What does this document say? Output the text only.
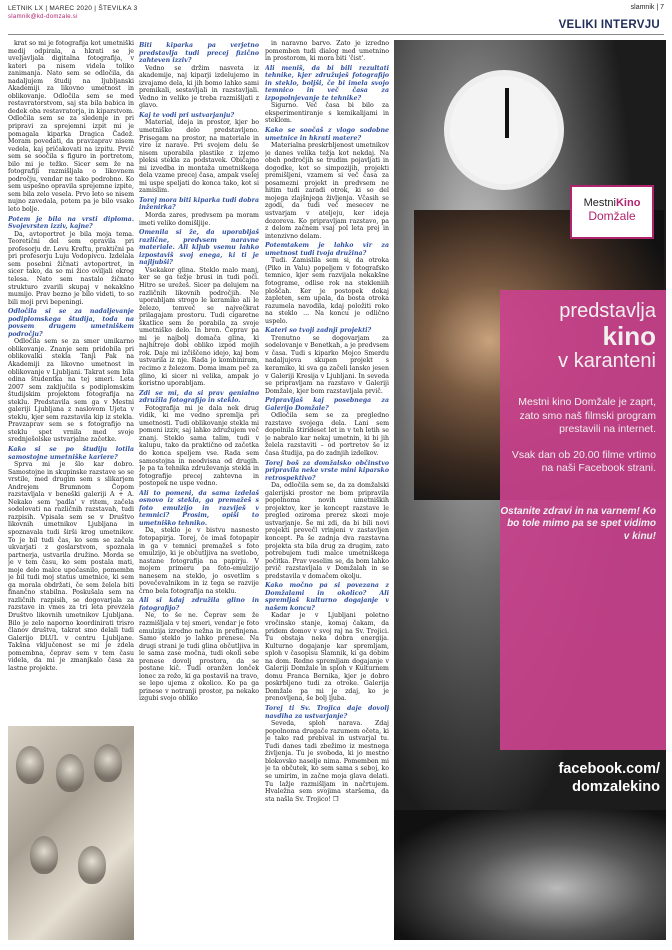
LETNIK LX | MAREC 2020 | ŠTEVILKA 3
slamnik@kd-domzale.si
slamnik | 7
VELIKI INTERVJU

krat so mi je fotografija kot umetniški medij odpirala, a hkrati se je uveljavljala digitalna fotografija, v kateri pa nisem videla toliko zanimanja. Nato sem se odločila, da nadaljujem študij na ljubljanski Akademiji za likovno umetnost in oblikovanje. Odločila sem se med restavratorstvom, saj sta bila babica in dedek oba restavratorja, in kiparstvom. Odločila sem se za sledenje in pri pripravi za sprejemni izpit mi je pomagala kiparka Dragica Čadež. Moram povedati, da pravzaprav nisem vedela, kaj pričakovati na izpitu. Prvič sem se soočila s figuro in portretom, bilo mi je težko. Sicer sem že na fotografiji razmišljala o likovnem področju, vendar ne tako podrobno. Ko sem uspešno opravila sprejemne izpite, sem bila zelo vesela. Prvo leto se nisem nujno zavedala, potem pa je bilo vsako leto bolje.

Potem je bila na vrsti diploma. Svojevrsten izziv, kajne?

Da, avtoportret je bila moja tema. Teoretični del sem opravila pri profesorju dr. Levu Kreftu, praktični pa pri profesorju Luju Vodopivcu. Izdelala sem posebni žičnati avtoportret, in sicer tako, da so mi žico oviljali okrog telesa. Nato sem nastalo žičnato strukturo zvarili skupaj v nekakšno mumijo. Prav bezno je bilo videti, to so bili moji prvi bepeningi.

Odločila si se za nadaljevanje podiplomskega študija, toda na povsem drugem umetniškem področju?

Odločila sem se za smer umikarno oblikovanje. Znanje sem pridobila pri oblikovalki stekla Tanji Pak na Akademiji za likovno umetnost in oblikovanje v Ljubljani. Takrat sem bila edina študentka na tej smeri. Leta 2007 sem zaključila s podiplomskim študijskim projektom fotografija na steklu. Predstavila sem ga v Mestni galeriji Ljubljana z naslovom Ujeta v steklu, kjer sem razstavila kip iz stekla. Pravzaprav sem se s fotografijo na steklu spet vrnila med svoje srednješolske ustvarjalne začetke.

Kako si se po študiju lotila samostojne umetniške kariere?

Sprva mi je šlo kar dobro. Samostojne in skupinske razstave so se vrstile, med drugim sem s slikarjem Andrejem Brumnom Čopom razstavljala v beneški galeriji A + A. Nekako sem 'padla' v ritem, začela sodelovati na različnih razstavah, tudi razpisih. Vpisala sem se v Društvo likovnih umetnikov Ljubljana in spoznavala tudi širši krog umetnikov. To je bil tudi čas, ko sem se začela ukvarjati z goslarstvom, spoznala partnerja, ustvarila družino. Morda se je v tem času, ko sem postala mati, moje delo malce upočasnilo, pomembn je bil tudi moj status umetnice, ki sem ga morala obdržati, če sem želela biti finančno stabilna. Poskušala sem na različnih razpisih, se dogovarjala za razstave in vmes za tri leta prevzela Društvo likovnih umetnikov Ljubljana. Bilo je zelo naporno koordinirati trisro članov društva, takrat smo delali tudi Galerijo DLUL v centru Ljubljane. Takšna vključenost se mi je zdela pomembna, čeprav sem v tem času videla, da mi je zmanjkalo časa za lastne projekte.

Biti kiparka pa verjetno predstavlja tudi precej fizično zahteven izziv?

Vedno se držim nasveta iz akademije, naj kiparji izdelujemo in izvajamo dela, ki jih bomo lahko sami premikali, sestavljali in razstavljali. Vedno in veliko je treba razmišljati z glavo.

Kaj te vodi pri ustvarjanju?

Material, ideja in prostor, kjer bo umetniško delo predstavljeno. Prisegam na prostor, na materiale in vire iz narave. Pri svojem delu še nisem uporabila plastike z izjemo pleksi stekla za podstavek. Običajno mi izvedba in montaža umetniškega dela vzame precej časa, ampak vselej mi uspe speljati do konca tako, kot si zamislim.

Torej mora biti kiparka tudi dobra inženirka?

Morda zares, predvsem pa moram imeti veliko domišljije.

Omenila si že, da uporabljaš različne, predvsem naravne materiale. Ali kljub vsemu lahko izpostaviš svoj enega, ki ti je najljubši?

Vsekakor glina. Steklo malo manj, ker se ga težje brusi in tudi poči. Hitro se urežeš. Sicer pa delujem na različnih likovnih področjih. Ne uporabljam strogo le keramiko ali le železo, temveč se največkrat prilagajam prostoru. Tudi cigaretne škatlice sem že porabila za svoje umetniško delo. In bron. Čeprav pa mi je najbolj domača glina, ki najhitreje dobi obliko izpod mojih rok. Daje mi izčiščeno idejo, kaj bom ustvarila iz nje. Rada jo kombiniram, recimo z železom. Doma imam peč za glino, ki sicer ni velika, ampak jo koristno uporabljam.

Zdi se mi, da si prav genialno združila fotografijo in steklo.

Fotografija mi je dala nek drug vidik, ki me vedno spremlja pri umetnosti. Tudi oblikovanje stekla mi pomeni izziv, saj lahko združujem več znanj. Steklo sama talim, tudi v kalupu, tako da praktično od začetka do konca speljem vse. Rada sem samostojna in neodvisna od drugih. Je pa ta tehnika združevanja stekla in fotografije precej zahtevna in postopek ne uspe vedno.

Ali to pomeni, da sama izdelaš osnovo iz stekla, ga premažeš s foto emulzijo in razviješ v temnici? Prosim, opiši to umetniško tehniko.

Da, steklo je v bistvu nasnesto fotopapirja. Torej, če imaš fotopapir in ga v temnici premažeš s foto emulzijo, ki je občutljiva na svetlobo, nastane fotografija na papirju. V mojem primeru pa foto-emulzijo nanesem na steklo, jo osvetlim s povečevalnikom in iz tega se razvije črno bela fotografija na steklu.

Ali si kdaj združila glino in fotografijo?

Ne, to še ne. Čeprav sem že razmišljala v tej smeri, vendar je foto emulzija izredno nežna in prefinjena. Samo steklo jo lahko prenese. Na drugi strani je tudi glina občutljiva in le sama zase močna, tudi okoli sebe prenese dovolj prostora, da se postane kič. Tudi oranžen lonček lonec za rožo, ki ga postaviš na travo, se lepo ujema z okolico. Ko pa ga prinese v notranji prostor, pa nekako izgubi svojo obliko

in naravno barvo. Zato je izredno pomemben tudi dialog med umetnino in prostorom, ki mora biti 'čist'.

Ali meniš, da bi bili rezultati tehnike, kjer združuješ fotografijo in steklo, boljši, če bi imela svojo temnico in več časa za izpopolnjevanje te tehnike?

Sigurno. Več časa bi bilo za eksperimentiranje s kemikalijami in steklom.

Kako se soočaš z vlogo sodobne umetnice in hkrati matere?

Materialna preskrbljenost umetnikov je danes velika težja kot nekdaj. Na obeh področjih se trudim pojavljati in dogodke, kot so simpozijih, projekti premišljeni, vzamem si več časa za posamezni projekt in predvsem ne hitim tudi zaradi otrok, ki so del mojega zlajšnjega življenja. Včasih se zgodi, da tudi več mesecev ne ustvarjam v ateljeju, ker ideja dozoreva. Ko pripravljam razstavo, pa z delom začnem vsaj pol leta prej in intenzivno delam.

Potemtakem je lahko vir za umetnost tudi tvoja družina?

Tudi. Zamislila sem si, da otroka (Piko in Valu) popeljem v fotografsko temnico, kjer sem razvijala nekakšne fotograme, odlise rok na stekleniih ploščah. Ker je postopek dokaj zapleten, sem upala, da bosta otroka razumela navodila, kdaj položiti roko na steklo ... Na koncu je odlično uspelo.

Kateri so tvoji zadnji projekti?

Trenutno se dogovarjam za sodelovanje v Benetkah, a je predvsem v časa. Tudi s kiparko Mojco Smerdu nadaljujeva skupen projekt s keramiko, ki sva ga začeli lansko jesen v Galeriji Kresija v Ljubljani. In seveda se pripravljam na razstavo v Galeriji Domžale, kjer bom razstavljala prvič.

Pripravljaš kaj posebnega za Galerijo Domžale?

Odločila sem se za pregledno razstavo svojega dela. Lani sem dopolnila štirideset let in v teh letih se je nabralo kar nekaj umetnin, ki bi jih želela razstaviti – od portretov še iz časa študija, pa do zadnjih izdelkov.

Torej boš za domžalsko občinstvo pripravila neke vrste mini kiparsko retrospektivo?

Da, odločila sem se, da za domžalski galerijski prostor ne bom pripravila popolnoma novih umetniških projektov, ker je koncept razstave le pregled oziroma prerez skozi moje ustvarjanje. Še mi zdi, da bi bili novi projekti prevečl vrinjeni v zastavljen koncept. Pa še zadnja dva razstavna projekta sta bila drug za drugim, zato potrebujem tudi malce umetniškega počitka. Prav veselim se, da bom lahko prvič razstavljala v Domžalah in se predstavila v domačem okolju.

Kako močno pa si povezana z Domžalami in okolico? Ali spremljaš kulturno dogajanje v našem koncu?

Kadar je v Ljubljani poletno vročinsko stanje, komaj čakam, da pridem domov v svoj raj na Sv. Trojici. Tu obstaja neka dobra energija. Kulturno dogajanje kar spremljam, sploh v časopisu Slamnik, ki ga dobim na dom. Redno spremljam dogajanje v Galeriji Domžale in sploh v Kulturnem domu Franca Bernika, kjer je dobro poskrbljeno tudi za otroke. Galerija Domžale pa mi je zdaj, ko je prenovljena, še bolj ljuba.

Torej ti Sv. Trojica daje dovolj navdiha za ustvarjanje?

Seveda, sploh narava. Zdaj popolnoma drugače razumem očeta, ki je tako rad prebival in ustvarjal tu. Tudi danes tadi zbežimo iz mestnega življenja. Tu je svoboda, ki jo mestno blokovsko naselje nima. Pomemben mi je ta občutek, ko sem sama s seboj, ko se umirim, in začne moja glava delati. Tu lažje razmišljam in načrtujem. Hvaležna sem svojima staršema, da sta našla Sv. Trojico! ❐

MestniKino
Domžale
predstavlja
kino
v karanteni
Mestni kino Domžale je zaprt, zato smo naš filmski program prestavili na internet.
Vsak dan ob 20.00 filme vrtimo na naši Facebook strani.
Ostanite zdravi in na varnem! Ko bo tole mimo pa se spet vidimo v kinu!
facebook.com/
domzalekino
